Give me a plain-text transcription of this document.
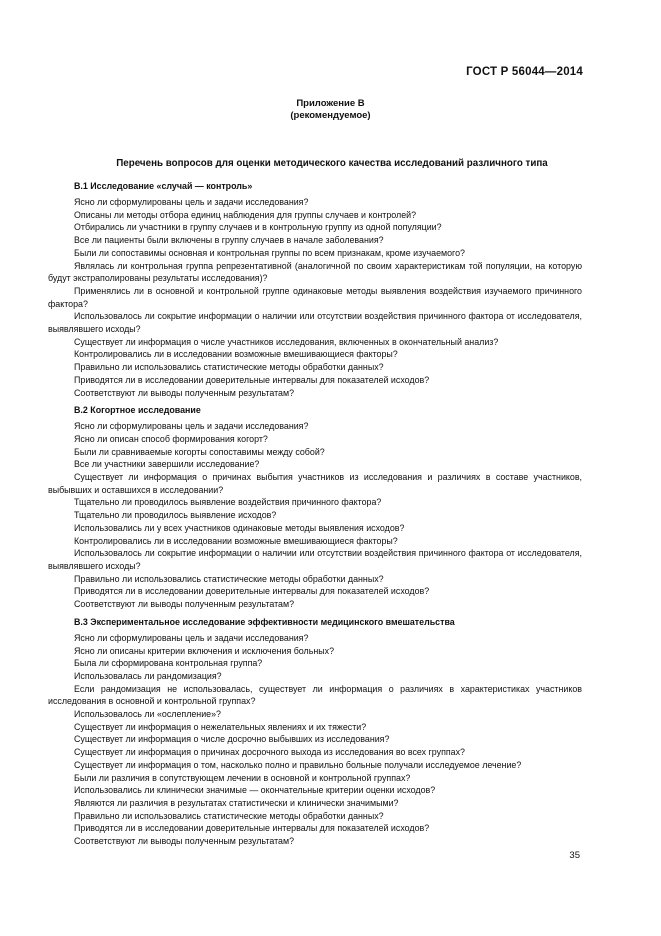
ГОСТ Р 56044—2014
Приложение В
(рекомендуемое)
Перечень вопросов для оценки методического качества исследований различного типа
В.1 Исследование «случай — контроль»

Ясно ли сформулированы цель и задачи исследования?

Описаны ли методы отбора единиц наблюдения для группы случаев и контролей?

Отбирались ли участники в группу случаев и в контрольную группу из одной популяции?

Все ли пациенты были включены в группу случаев в начале заболевания?

Были ли сопоставимы основная и контрольная группы по всем признакам, кроме изучаемого?

Являлась ли контрольная группа репрезентативной (аналогичной по своим характеристикам той популяции, на которую будут экстраполированы результаты исследования)?

Применялись ли в основной и контрольной группе одинаковые методы выявления воздействия изучаемого причинного фактора?

Использовалось ли сокрытие информации о наличии или отсутствии воздействия причинного фактора от исследователя, выявлявшего исходы?

Существует ли информация о числе участников исследования, включенных в окончательный анализ?

Контролировались ли в исследовании возможные вмешивающиеся факторы?

Правильно ли использовались статистические методы обработки данных?

Приводятся ли в исследовании доверительные интервалы для показателей исходов?

Соответствуют ли выводы полученным результатам?

В.2 Когортное исследование

Ясно ли сформулированы цель и задачи исследования?

Ясно ли описан способ формирования когорт?

Были ли сравниваемые когорты сопоставимы между собой?

Все ли участники завершили исследование?

Существует ли информация о причинах выбытия участников из исследования и различиях в составе участников, выбывших и оставшихся в исследовании?

Тщательно ли проводилось выявление воздействия причинного фактора?

Тщательно ли проводилось выявление исходов?

Использовались ли у всех участников одинаковые методы выявления исходов?

Контролировались ли в исследовании возможные вмешивающиеся факторы?

Использовалось ли сокрытие информации о наличии или отсутствии воздействия причинного фактора от исследователя, выявлявшего исходы?

Правильно ли использовались статистические методы обработки данных?

Приводятся ли в исследовании доверительные интервалы для показателей исходов?

Соответствуют ли выводы полученным результатам?

В.3 Экспериментальное исследование эффективности медицинского вмешательства

Ясно ли сформулированы цель и задачи исследования?

Ясно ли описаны критерии включения и исключения больных?

Была ли сформирована контрольная группа?

Использовалась ли рандомизация?

Если рандомизация не использовалась, существует ли информация о различиях в характеристиках участников исследования в основной и контрольной группах?

Использовалось ли «ослепление»?

Существует ли информация о нежелательных явлениях и их тяжести?

Существует ли информация о числе досрочно выбывших из исследования?

Существует ли информация о причинах досрочного выхода из исследования во всех группах?

Существует ли информация о том, насколько полно и правильно больные получали исследуемое лечение?

Были ли различия в сопутствующем лечении в основной и контрольной группах?

Использовались ли клинически значимые — окончательные критерии оценки исходов?

Являются ли различия в результатах статистически и клинически значимыми?

Правильно ли использовались статистические методы обработки данных?

Приводятся ли в исследовании доверительные интервалы для показателей исходов?

Соответствуют ли выводы полученным результатам?

35
